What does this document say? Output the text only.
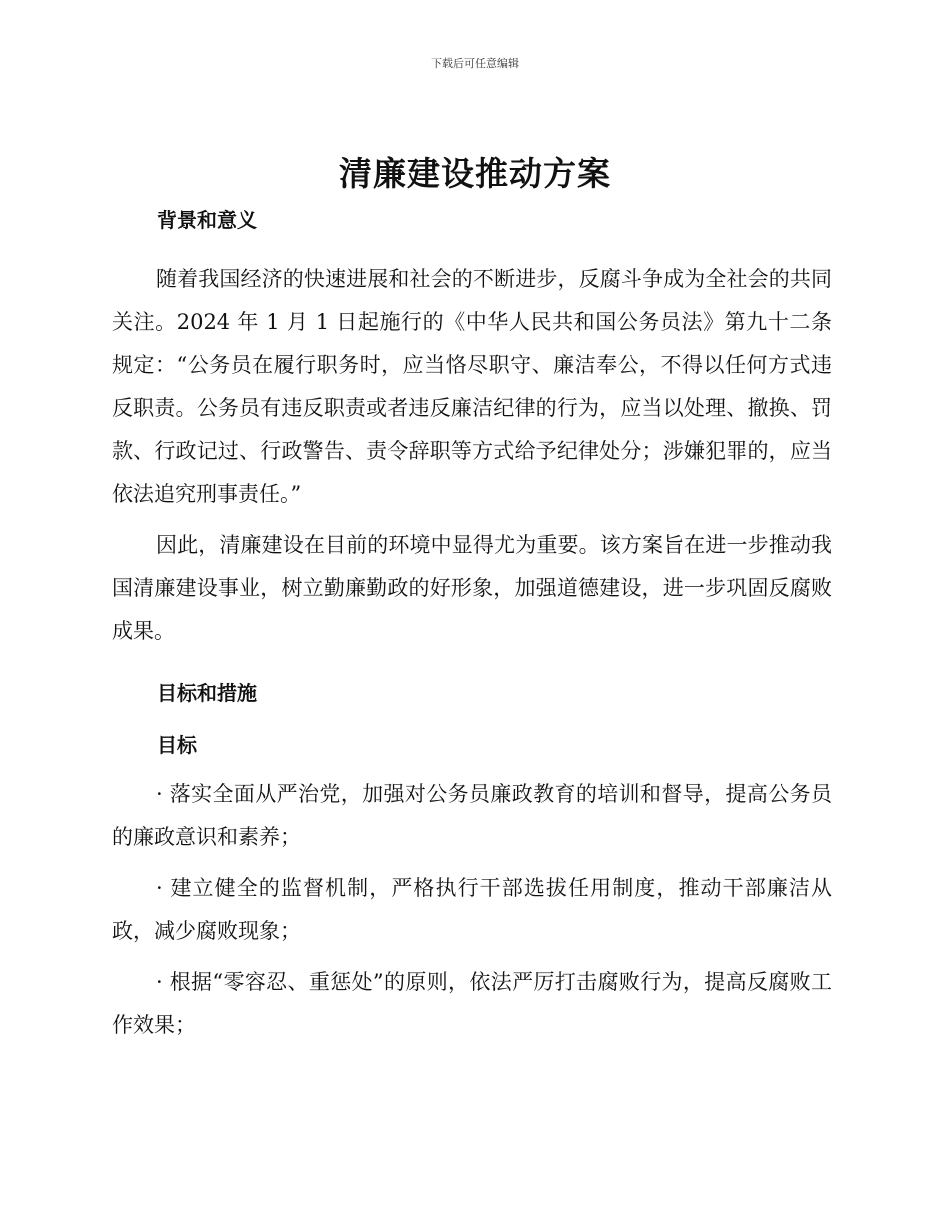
下载后可任意编辑
清廉建设推动方案
背景和意义

随着我国经济的快速进展和社会的不断进步，反腐斗争成为全社会的共同关注。2024 年 1 月 1 日起施行的《中华人民共和国公务员法》第九十二条规定：“公务员在履行职务时，应当恪尽职守、廉洁奉公，不得以任何方式违反职责。公务员有违反职责或者违反廉洁纪律的行为，应当以处理、撤换、罚款、行政记过、行政警告、责令辞职等方式给予纪律处分；涉嫌犯罪的，应当依法追究刑事责任。”

因此，清廉建设在目前的环境中显得尤为重要。该方案旨在进一步推动我国清廉建设事业，树立勤廉勤政的好形象，加强道德建设，进一步巩固反腐败成果。

目标和措施
目标

· 落实全面从严治党，加强对公务员廉政教育的培训和督导，提高公务员的廉政意识和素养；

· 建立健全的监督机制，严格执行干部选拔任用制度，推动干部廉洁从政，减少腐败现象；

· 根据“零容忍、重惩处”的原则，依法严厉打击腐败行为，提高反腐败工作效果；
